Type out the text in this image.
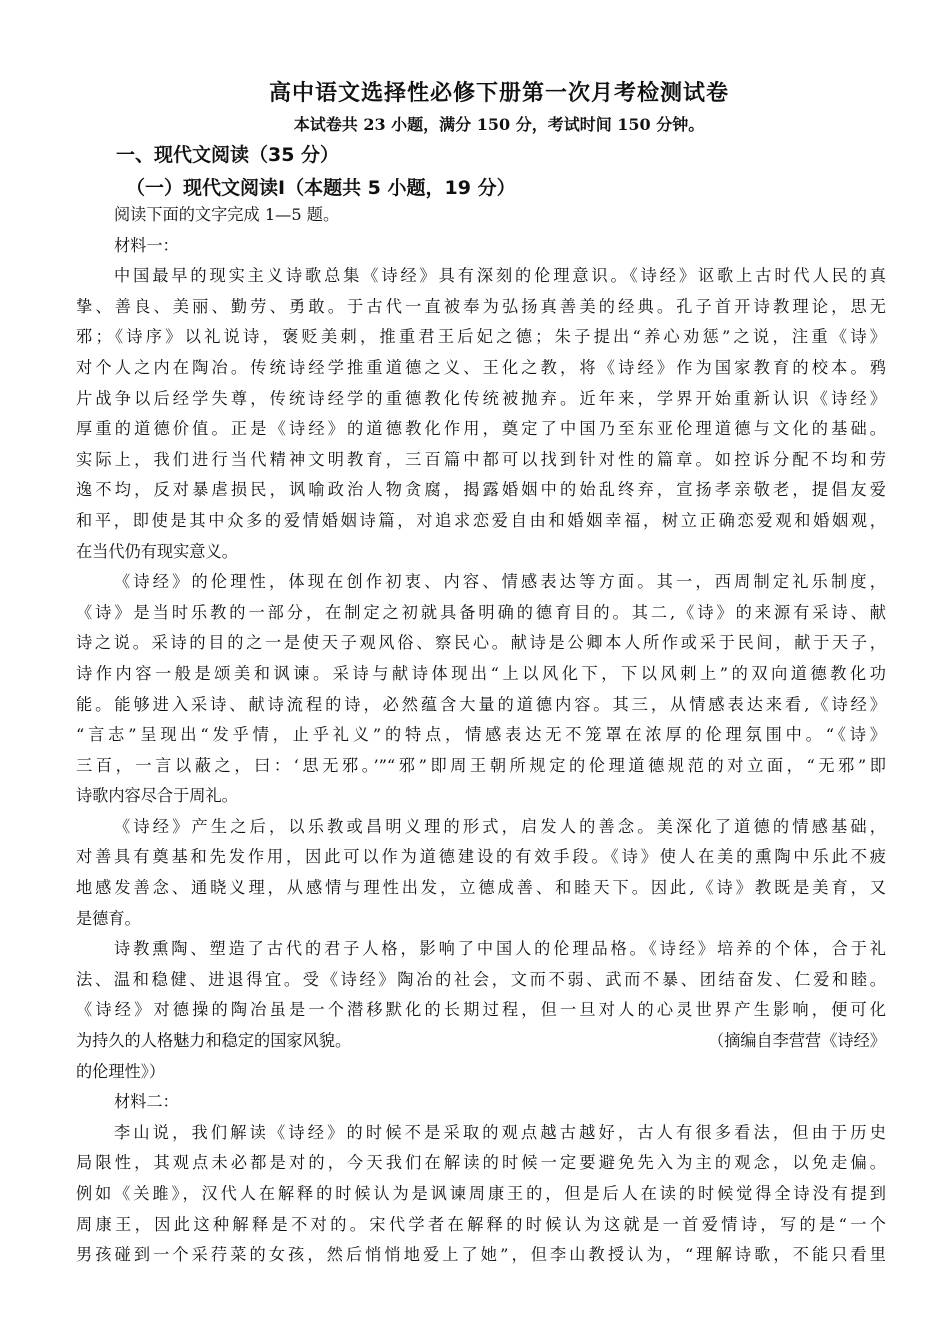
高中语文选择性必修下册第一次月考检测试卷
本试卷共 23 小题，满分 150 分，考试时间 150 分钟。
一、现代文阅读（35 分）
（一）现代文阅读Ⅰ（本题共 5 小题，19 分）
阅读下面的文字完成 1—5 题。
材料一：
中国最早的现实主义诗歌总集《诗经》具有深刻的伦理意识。《诗经》讴歌上古时代人民的真
挚、善良、美丽、勤劳、勇敢。于古代一直被奉为弘扬真善美的经典。孔子首开诗教理论，思无
邪；《诗序》以礼说诗，褒贬美刺，推重君王后妃之德；朱子提出“养心劝惩”之说，注重《诗》
对个人之内在陶冶。传统诗经学推重道德之义、王化之教，将《诗经》作为国家教育的校本。鸦
片战争以后经学失尊，传统诗经学的重德教化传统被抛弃。近年来，学界开始重新认识《诗经》
厚重的道德价值。正是《诗经》的道德教化作用，奠定了中国乃至东亚伦理道德与文化的基础。
实际上，我们进行当代精神文明教育，三百篇中都可以找到针对性的篇章。如控诉分配不均和劳
逸不均，反对暴虐损民，讽喻政治人物贪腐，揭露婚姻中的始乱终弃，宣扬孝亲敬老，提倡友爱
和平，即使是其中众多的爱情婚姻诗篇，对追求恋爱自由和婚姻幸福，树立正确恋爱观和婚姻观，
在当代仍有现实意义。
《诗经》的伦理性，体现在创作初衷、内容、情感表达等方面。其一，西周制定礼乐制度，
《诗》是当时乐教的一部分，在制定之初就具备明确的德育目的。其二,《诗》的来源有采诗、献
诗之说。采诗的目的之一是使天子观风俗、察民心。献诗是公卿本人所作或采于民间，献于天子，
诗作内容一般是颂美和讽谏。采诗与献诗体现出“上以风化下，下以风刺上”的双向道德教化功
能。能够进入采诗、献诗流程的诗，必然蕴含大量的道德内容。其三，从情感表达来看,《诗经》
“言志”呈现出“发乎情，止乎礼义”的特点，情感表达无不笼罩在浓厚的伦理氛围中。“《诗》
三百，一言以蔽之，曰：‘思无邪。’”“邪”即周王朝所规定的伦理道德规范的对立面，“无邪”即
诗歌内容尽合于周礼。
《诗经》产生之后，以乐教或昌明义理的形式，启发人的善念。美深化了道德的情感基础，
对善具有奠基和先发作用，因此可以作为道德建设的有效手段。《诗》使人在美的熏陶中乐此不疲
地感发善念、通晓义理，从感情与理性出发，立德成善、和睦天下。因此,《诗》教既是美育，又
是德育。
诗教熏陶、塑造了古代的君子人格，影响了中国人的伦理品格。《诗经》培养的个体，合于礼
法、温和稳健、进退得宜。受《诗经》陶冶的社会，文而不弱、武而不暴、团结奋发、仁爱和睦。
《诗经》对德操的陶冶虽是一个潜移默化的长期过程，但一旦对人的心灵世界产生影响，便可化
为持久的人格魅力和稳定的国家风貌。	（摘编自李营营《诗经》
的伦理性》）
材料二：
李山说，我们解读《诗经》的时候不是采取的观点越古越好，古人有很多看法，但由于历史
局限性，其观点未必都是对的，今天我们在解读的时候一定要避免先入为主的观念，以免走偏。
例如《关雎》，汉代人在解释的时候认为是讽谏周康王的，但是后人在读的时候觉得全诗没有提到
周康王，因此这种解释是不对的。宋代学者在解释的时候认为这就是一首爱情诗，写的是“一个
男孩碰到一个采荇菜的女孩，然后悄悄地爱上了她”，但李山教授认为，“理解诗歌，不能只看里
